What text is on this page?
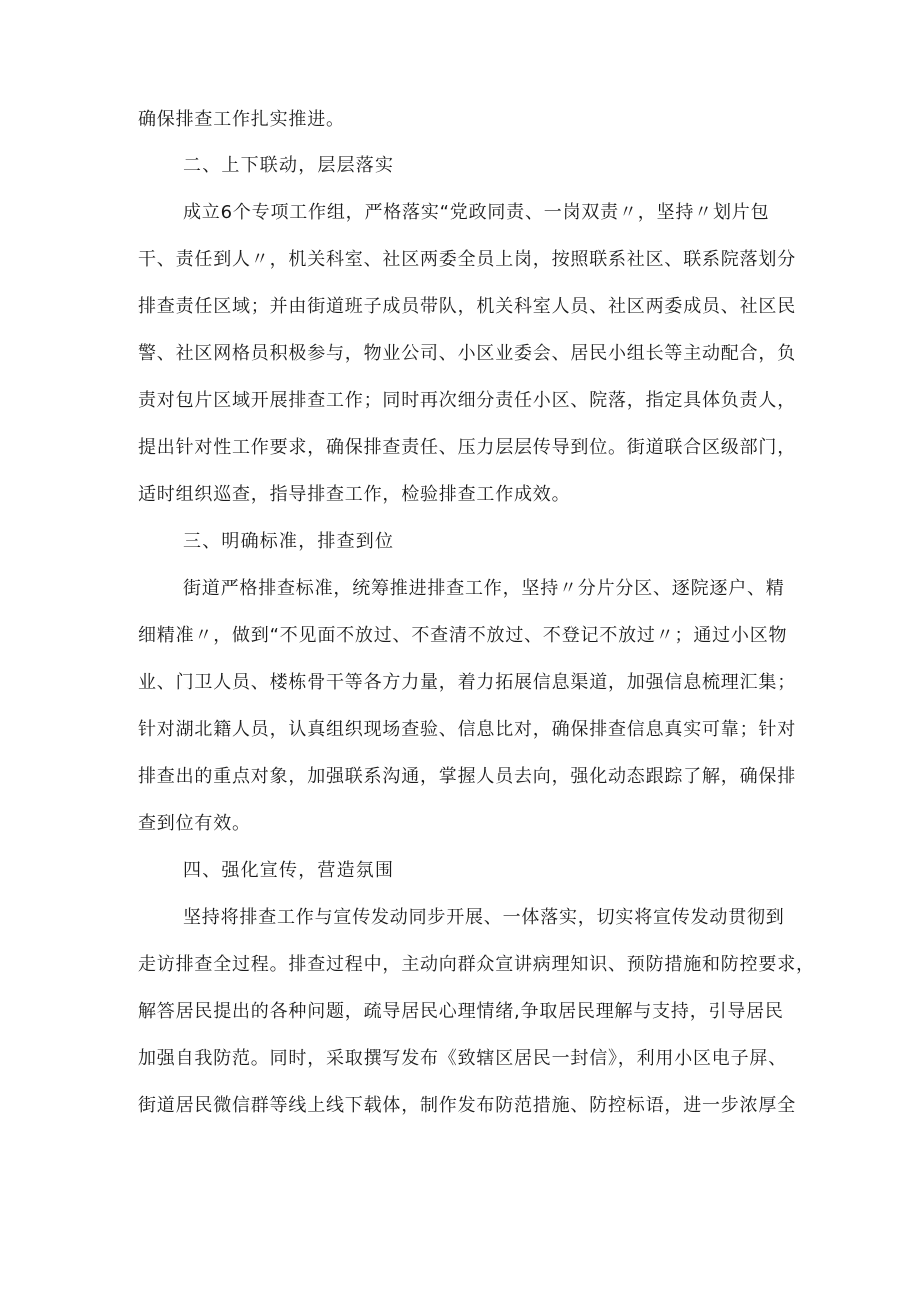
确保排查工作扎实推进。
二、上下联动，层层落实
成立6个专项工作组，严格落实“党政同责、一岗双责〃，坚持〃划片包
干、责任到人〃，机关科室、社区两委全员上岗，按照联系社区、联系院落划分
排查责任区域；并由街道班子成员带队，机关科室人员、社区两委成员、社区民
警、社区网格员积极参与，物业公司、小区业委会、居民小组长等主动配合，负
责对包片区域开展排查工作；同时再次细分责任小区、院落，指定具体负责人，
提出针对性工作要求，确保排查责任、压力层层传导到位。街道联合区级部门，
适时组织巡查，指导排查工作，检验排查工作成效。
三、明确标准，排查到位
街道严格排查标准，统筹推进排查工作，坚持〃分片分区、逐院逐户、精
细精准〃，做到“不见面不放过、不查清不放过、不登记不放过〃；通过小区物
业、门卫人员、楼栋骨干等各方力量，着力拓展信息渠道，加强信息梳理汇集；
针对湖北籍人员，认真组织现场查验、信息比对，确保排查信息真实可靠；针对
排查出的重点对象，加强联系沟通，掌握人员去向，强化动态跟踪了解，确保排
查到位有效。
四、强化宣传，营造氛围
坚持将排查工作与宣传发动同步开展、一体落实，切实将宣传发动贯彻到
走访排查全过程。排查过程中，主动向群众宣讲病理知识、预防措施和防控要求，
解答居民提出的各种问题，疏导居民心理情绪,争取居民理解与支持，引导居民
加强自我防范。同时，采取撰写发布《致辖区居民一封信》，利用小区电子屏、
街道居民微信群等线上线下载体，制作发布防范措施、防控标语，进一步浓厚全
